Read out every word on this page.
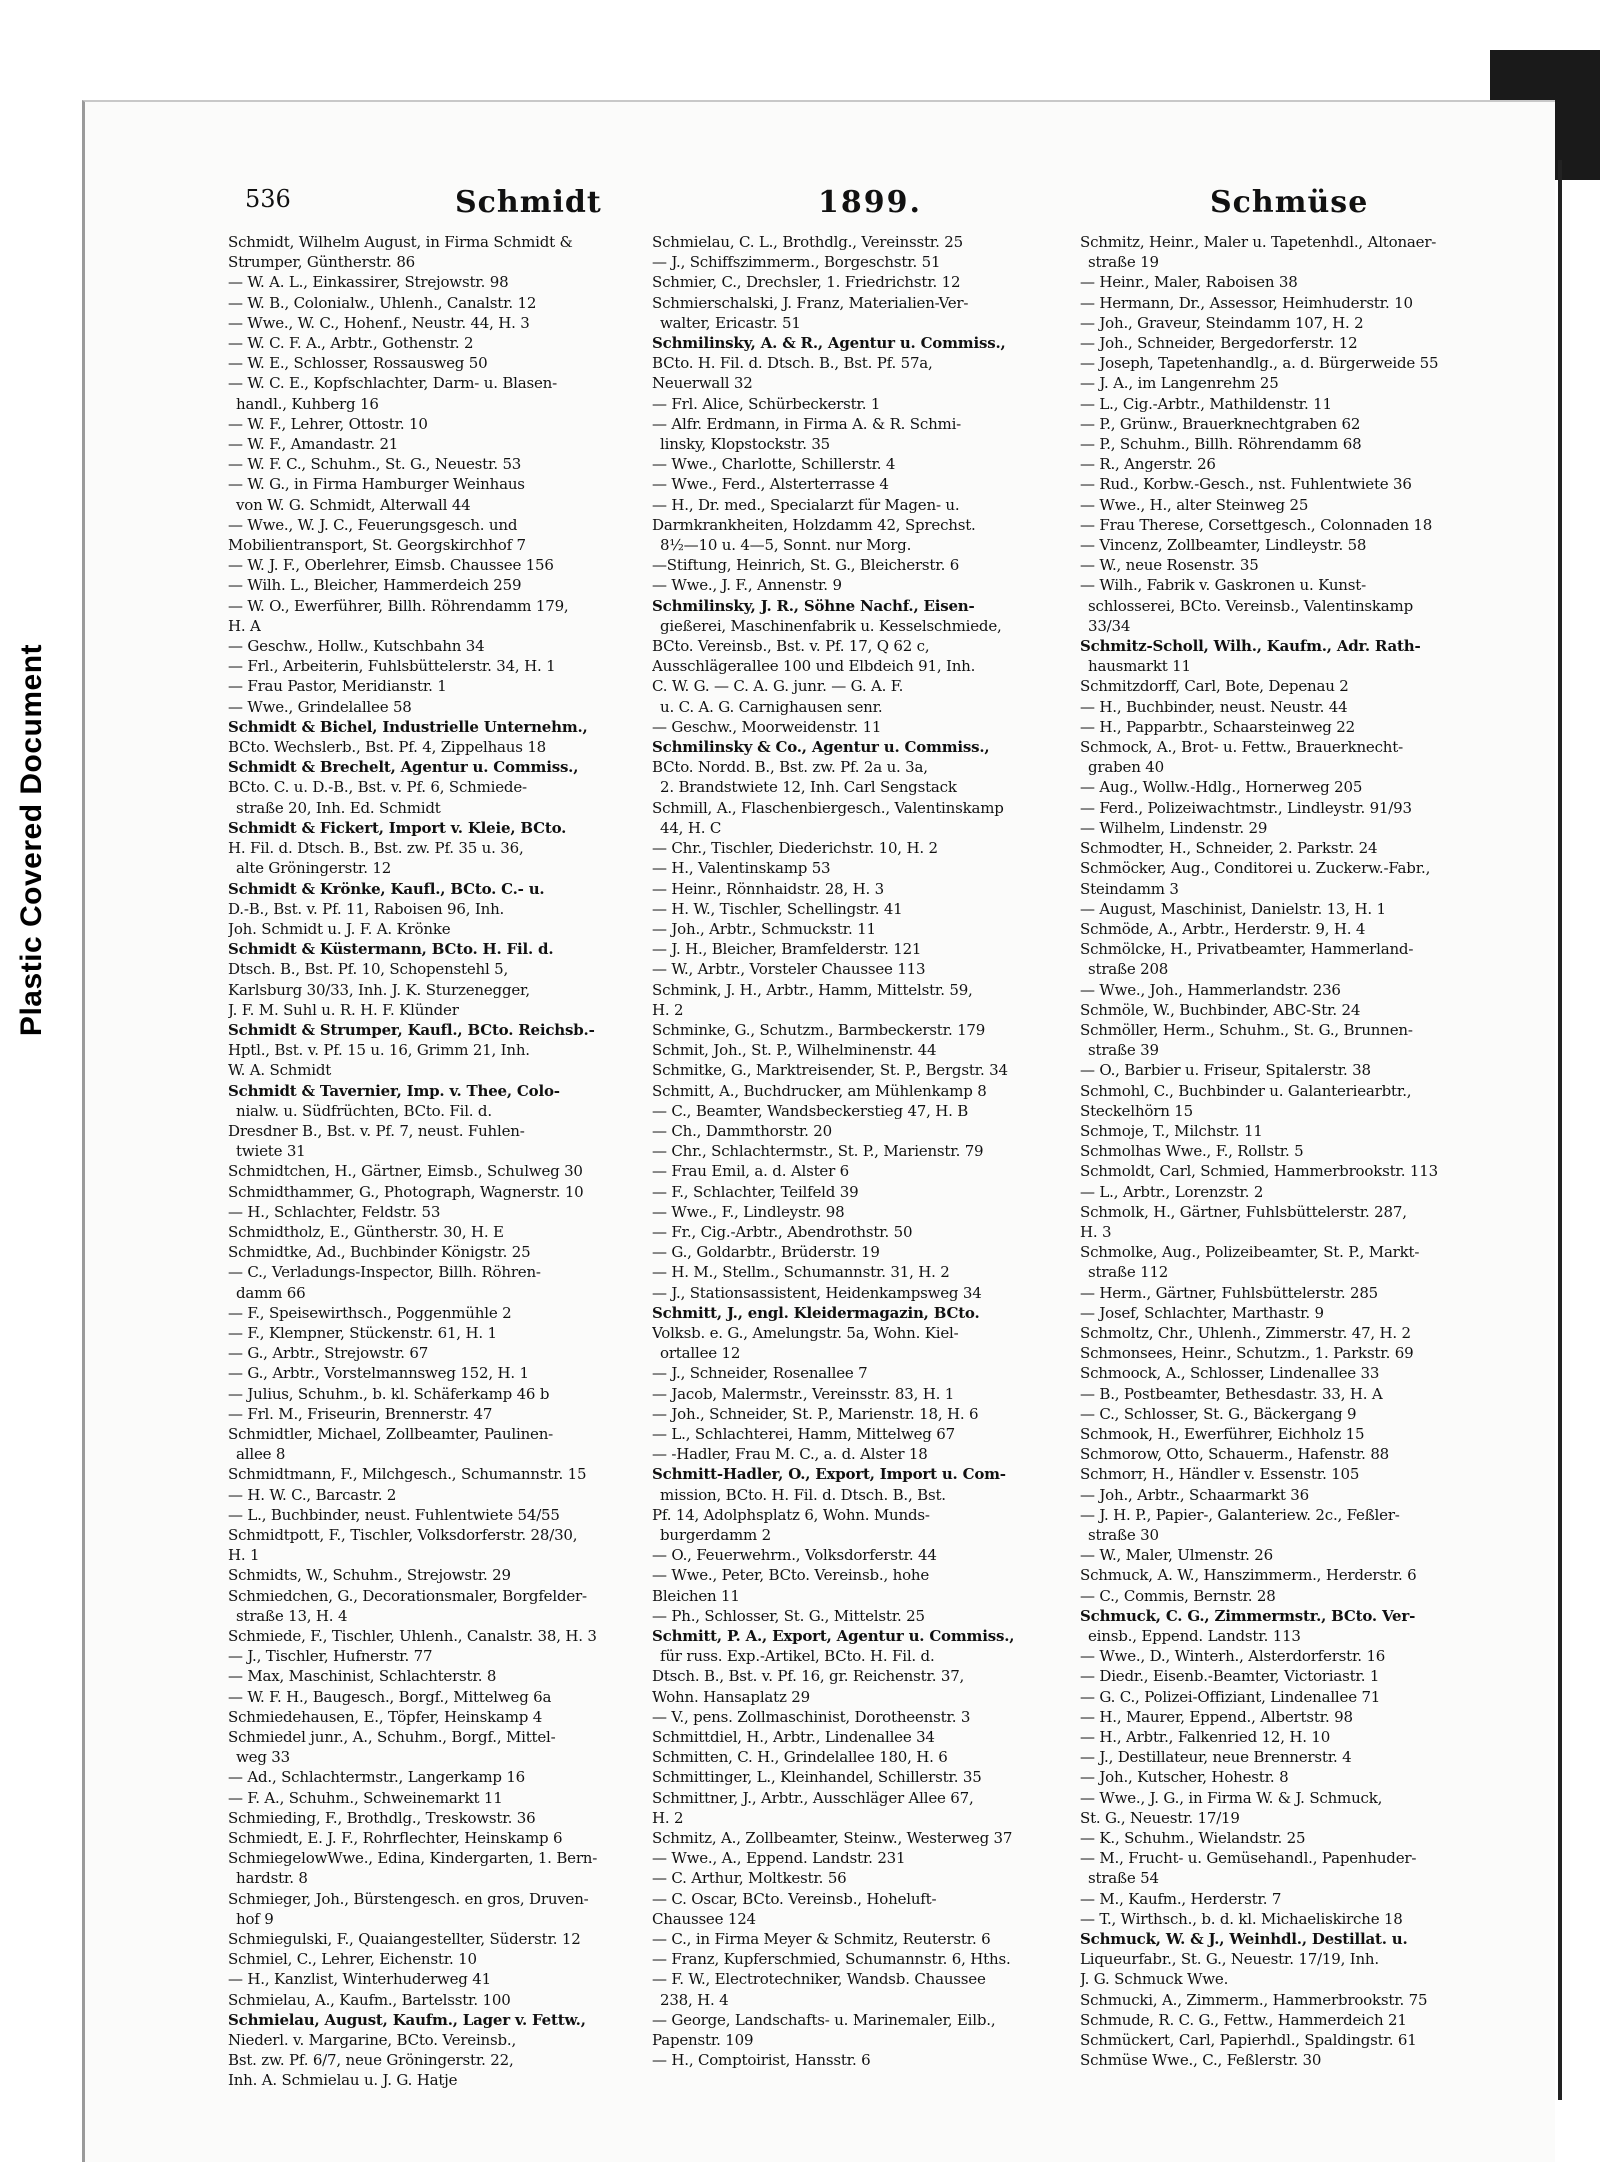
Plastic Covered Document
536	Schmidt	1899.	Schmüse
Schmidt, Wilhelm August, in Firma Schmidt &
Strumper, Güntherstr. 86
— W. A. L., Einkassirer, Strejowstr. 98
— W. B., Colonialw., Uhlenh., Canalstr. 12
— Wwe., W. C., Hohenf., Neustr. 44, H. 3
— W. C. F. A., Arbtr., Gothenstr. 2
— W. E., Schlosser, Rossausweg 50
— W. C. E., Kopfschlachter, Darm- u. Blasen-
handl., Kuhberg 16
— W. F., Lehrer, Ottostr. 10
— W. F., Amandastr. 21
— W. F. C., Schuhm., St. G., Neuestr. 53
— W. G., in Firma Hamburger Weinhaus
von W. G. Schmidt, Alterwall 44
— Wwe., W. J. C., Feuerungsgesch. und
Mobilientransport, St. Georgskirchhof 7
— W. J. F., Oberlehrer, Eimsb. Chaussee 156
— Wilh. L., Bleicher, Hammerdeich 259
— W. O., Ewerführer, Billh. Röhrendamm 179,
H. A
— Geschw., Hollw., Kutschbahn 34
— Frl., Arbeiterin, Fuhlsbüttelerstr. 34, H. 1
— Frau Pastor, Meridianstr. 1
— Wwe., Grindelallee 58
Schmidt & Bichel, Industrielle Unternehm.,
BCto. Wechslerb., Bst. Pf. 4, Zippelhaus 18
Schmidt & Brechelt, Agentur u. Commiss.,
BCto. C. u. D.-B., Bst. v. Pf. 6, Schmiede-
straße 20, Inh. Ed. Schmidt
Schmidt & Fickert, Import v. Kleie, BCto.
H. Fil. d. Dtsch. B., Bst. zw. Pf. 35 u. 36,
alte Gröningerstr. 12
Schmidt & Krönke, Kaufl., BCto. C.- u.
D.-B., Bst. v. Pf. 11, Raboisen 96, Inh.
Joh. Schmidt u. J. F. A. Krönke
Schmidt & Küstermann, BCto. H. Fil. d.
Dtsch. B., Bst. Pf. 10, Schopenstehl 5,
Karlsburg 30/33, Inh. J. K. Sturzenegger,
J. F. M. Suhl u. R. H. F. Klünder
Schmidt & Strumper, Kaufl., BCto. Reichsb.-
Hptl., Bst. v. Pf. 15 u. 16, Grimm 21, Inh.
W. A. Schmidt
Schmidt & Tavernier, Imp. v. Thee, Colo-
nialw. u. Südfrüchten, BCto. Fil. d.
Dresdner B., Bst. v. Pf. 7, neust. Fuhlen-
twiete 31
Schmidtchen, H., Gärtner, Eimsb., Schulweg 30
Schmidthammer, G., Photograph, Wagnerstr. 10
— H., Schlachter, Feldstr. 53
Schmidtholz, E., Güntherstr. 30, H. E
Schmidtke, Ad., Buchbinder Königstr. 25
— C., Verladungs-Inspector, Billh. Röhren-
damm 66
— F., Speisewirthsch., Poggenmühle 2
— F., Klempner, Stückenstr. 61, H. 1
— G., Arbtr., Strejowstr. 67
— G., Arbtr., Vorstelmannsweg 152, H. 1
— Julius, Schuhm., b. kl. Schäferkamp 46 b
— Frl. M., Friseurin, Brennerstr. 47
Schmidtler, Michael, Zollbeamter, Paulinen-
allee 8
Schmidtmann, F., Milchgesch., Schumannstr. 15
— H. W. C., Barcastr. 2
— L., Buchbinder, neust. Fuhlentwiete 54/55
Schmidtpott, F., Tischler, Volksdorferstr. 28/30,
H. 1
Schmidts, W., Schuhm., Strejowstr. 29
Schmiedchen, G., Decorationsmaler, Borgfelder-
straße 13, H. 4
Schmiede, F., Tischler, Uhlenh., Canalstr. 38, H. 3
— J., Tischler, Hufnerstr. 77
— Max, Maschinist, Schlachterstr. 8
— W. F. H., Baugesch., Borgf., Mittelweg 6a
Schmiedehausen, E., Töpfer, Heinskamp 4
Schmiedel junr., A., Schuhm., Borgf., Mittel-
weg 33
— Ad., Schlachtermstr., Langerkamp 16
— F. A., Schuhm., Schweinemarkt 11
Schmieding, F., Brothdlg., Treskowstr. 36
Schmiedt, E. J. F., Rohrflechter, Heinskamp 6
SchmiegelowWwe., Edina, Kindergarten, 1. Bern-
hardstr. 8
Schmieger, Joh., Bürstengesch. en gros, Druven-
hof 9
Schmiegulski, F., Quaiangestellter, Süderstr. 12
Schmiel, C., Lehrer, Eichenstr. 10
— H., Kanzlist, Winterhuderweg 41
Schmielau, A., Kaufm., Bartelsstr. 100
Schmielau, August, Kaufm., Lager v. Fettw.,
Niederl. v. Margarine, BCto. Vereinsb.,
Bst. zw. Pf. 6/7, neue Gröningerstr. 22,
Inh. A. Schmielau u. J. G. Hatje
Schmielau, C. L., Brothdlg., Vereinsstr. 25
— J., Schiffszimmerm., Borgeschstr. 51
Schmier, C., Drechsler, 1. Friedrichstr. 12
Schmierschalski, J. Franz, Materialien-Ver-
walter, Ericastr. 51
Schmilinsky, A. & R., Agentur u. Commiss.,
BCto. H. Fil. d. Dtsch. B., Bst. Pf. 57a,
Neuerwall 32
— Frl. Alice, Schürbeckerstr. 1
— Alfr. Erdmann, in Firma A. & R. Schmi-
linsky, Klopstockstr. 35
— Wwe., Charlotte, Schillerstr. 4
— Wwe., Ferd., Alsterterrasse 4
— H., Dr. med., Specialarzt für Magen- u.
Darmkrankheiten, Holzdamm 42, Sprechst.
8½—10 u. 4—5, Sonnt. nur Morg.
—Stiftung, Heinrich, St. G., Bleicherstr. 6
— Wwe., J. F., Annenstr. 9
Schmilinsky, J. R., Söhne Nachf., Eisen-
gießerei, Maschinenfabrik u. Kesselschmiede,
BCto. Vereinsb., Bst. v. Pf. 17, Q 62 c,
Ausschlägerallee 100 und Elbdeich 91, Inh.
C. W. G. — C. A. G. junr. — G. A. F.
u. C. A. G. Carnighausen senr.
— Geschw., Moorweidenstr. 11
Schmilinsky & Co., Agentur u. Commiss.,
BCto. Nordd. B., Bst. zw. Pf. 2a u. 3a,
2. Brandstwiete 12, Inh. Carl Sengstack
Schmill, A., Flaschenbiergesch., Valentinskamp
44, H. C
— Chr., Tischler, Diederichstr. 10, H. 2
— H., Valentinskamp 53
— Heinr., Rönnhaidstr. 28, H. 3
— H. W., Tischler, Schellingstr. 41
— Joh., Arbtr., Schmuckstr. 11
— J. H., Bleicher, Bramfelderstr. 121
— W., Arbtr., Vorsteler Chaussee 113
Schmink, J. H., Arbtr., Hamm, Mittelstr. 59,
H. 2
Schminke, G., Schutzm., Barmbeckerstr. 179
Schmit, Joh., St. P., Wilhelminenstr. 44
Schmitke, G., Marktreisender, St. P., Bergstr. 34
Schmitt, A., Buchdrucker, am Mühlenkamp 8
— C., Beamter, Wandsbeckerstieg 47, H. B
— Ch., Dammthorstr. 20
— Chr., Schlachtermstr., St. P., Marienstr. 79
— Frau Emil, a. d. Alster 6
— F., Schlachter, Teilfeld 39
— Wwe., F., Lindleystr. 98
— Fr., Cig.-Arbtr., Abendrothstr. 50
— G., Goldarbtr., Brüderstr. 19
— H. M., Stellm., Schumannstr. 31, H. 2
— J., Stationsassistent, Heidenkampsweg 34
Schmitt, J., engl. Kleidermagazin, BCto.
Volksb. e. G., Amelungstr. 5a, Wohn. Kiel-
ortallee 12
— J., Schneider, Rosenallee 7
— Jacob, Malermstr., Vereinsstr. 83, H. 1
— Joh., Schneider, St. P., Marienstr. 18, H. 6
— L., Schlachterei, Hamm, Mittelweg 67
— -Hadler, Frau M. C., a. d. Alster 18
Schmitt-Hadler, O., Export, Import u. Com-
mission, BCto. H. Fil. d. Dtsch. B., Bst.
Pf. 14, Adolphsplatz 6, Wohn. Munds-
burgerdamm 2
— O., Feuerwehrm., Volksdorferstr. 44
— Wwe., Peter, BCto. Vereinsb., hohe
Bleichen 11
— Ph., Schlosser, St. G., Mittelstr. 25
Schmitt, P. A., Export, Agentur u. Commiss.,
für russ. Exp.-Artikel, BCto. H. Fil. d.
Dtsch. B., Bst. v. Pf. 16, gr. Reichenstr. 37,
Wohn. Hansaplatz 29
— V., pens. Zollmaschinist, Dorotheenstr. 3
Schmittdiel, H., Arbtr., Lindenallee 34
Schmitten, C. H., Grindelallee 180, H. 6
Schmittinger, L., Kleinhandel, Schillerstr. 35
Schmittner, J., Arbtr., Ausschläger Allee 67,
H. 2
Schmitz, A., Zollbeamter, Steinw., Westerweg 37
— Wwe., A., Eppend. Landstr. 231
— C. Arthur, Moltkestr. 56
— C. Oscar, BCto. Vereinsb., Hoheluft-
Chaussee 124
— C., in Firma Meyer & Schmitz, Reuterstr. 6
— Franz, Kupferschmied, Schumannstr. 6, Hths.
— F. W., Electrotechniker, Wandsb. Chaussee
238, H. 4
— George, Landschafts- u. Marinemaler, Eilb.,
Papenstr. 109
— H., Comptoirist, Hansstr. 6
Schmitz, Heinr., Maler u. Tapetenhdl., Altonaer-
straße 19
— Heinr., Maler, Raboisen 38
— Hermann, Dr., Assessor, Heimhuderstr. 10
— Joh., Graveur, Steindamm 107, H. 2
— Joh., Schneider, Bergedorferstr. 12
— Joseph, Tapetenhandlg., a. d. Bürgerweide 55
— J. A., im Langenrehm 25
— L., Cig.-Arbtr., Mathildenstr. 11
— P., Grünw., Brauerknechtgraben 62
— P., Schuhm., Billh. Röhrendamm 68
— R., Angerstr. 26
— Rud., Korbw.-Gesch., nst. Fuhlentwiete 36
— Wwe., H., alter Steinweg 25
— Frau Therese, Corsettgesch., Colonnaden 18
— Vincenz, Zollbeamter, Lindleystr. 58
— W., neue Rosenstr. 35
— Wilh., Fabrik v. Gaskronen u. Kunst-
schlosserei, BCto. Vereinsb., Valentinskamp
33/34
Schmitz-Scholl, Wilh., Kaufm., Adr. Rath-
hausmarkt 11
Schmitzdorff, Carl, Bote, Depenau 2
— H., Buchbinder, neust. Neustr. 44
— H., Papparbtr., Schaarsteinweg 22
Schmock, A., Brot- u. Fettw., Brauerknecht-
graben 40
— Aug., Wollw.-Hdlg., Hornerweg 205
— Ferd., Polizeiwachtmstr., Lindleystr. 91/93
— Wilhelm, Lindenstr. 29
Schmodter, H., Schneider, 2. Parkstr. 24
Schmöcker, Aug., Conditorei u. Zuckerw.-Fabr.,
Steindamm 3
— August, Maschinist, Danielstr. 13, H. 1
Schmöde, A., Arbtr., Herderstr. 9, H. 4
Schmölcke, H., Privatbeamter, Hammerland-
straße 208
— Wwe., Joh., Hammerlandstr. 236
Schmöle, W., Buchbinder, ABC-Str. 24
Schmöller, Herm., Schuhm., St. G., Brunnen-
straße 39
— O., Barbier u. Friseur, Spitalerstr. 38
Schmohl, C., Buchbinder u. Galanteriearbtr.,
Steckelhörn 15
Schmoje, T., Milchstr. 11
Schmolhas Wwe., F., Rollstr. 5
Schmoldt, Carl, Schmied, Hammerbrookstr. 113
— L., Arbtr., Lorenzstr. 2
Schmolk, H., Gärtner, Fuhlsbüttelerstr. 287,
H. 3
Schmolke, Aug., Polizeibeamter, St. P., Markt-
straße 112
— Herm., Gärtner, Fuhlsbüttelerstr. 285
— Josef, Schlachter, Marthastr. 9
Schmoltz, Chr., Uhlenh., Zimmerstr. 47, H. 2
Schmonsees, Heinr., Schutzm., 1. Parkstr. 69
Schmoock, A., Schlosser, Lindenallee 33
— B., Postbeamter, Bethesdastr. 33, H. A
— C., Schlosser, St. G., Bäckergang 9
Schmook, H., Ewerführer, Eichholz 15
Schmorow, Otto, Schauerm., Hafenstr. 88
Schmorr, H., Händler v. Essenstr. 105
— Joh., Arbtr., Schaarmarkt 36
— J. H. P., Papier-, Galanteriew. 2c., Feßler-
straße 30
— W., Maler, Ulmenstr. 26
Schmuck, A. W., Hanszimmerm., Herderstr. 6
— C., Commis, Bernstr. 28
Schmuck, C. G., Zimmermstr., BCto. Ver-
einsb., Eppend. Landstr. 113
— Wwe., D., Winterh., Alsterdorferstr. 16
— Diedr., Eisenb.-Beamter, Victoriastr. 1
— G. C., Polizei-Offiziant, Lindenallee 71
— H., Maurer, Eppend., Albertstr. 98
— H., Arbtr., Falkenried 12, H. 10
— J., Destillateur, neue Brennerstr. 4
— Joh., Kutscher, Hohestr. 8
— Wwe., J. G., in Firma W. & J. Schmuck,
St. G., Neuestr. 17/19
— K., Schuhm., Wielandstr. 25
— M., Frucht- u. Gemüsehandl., Papenhuder-
straße 54
— M., Kaufm., Herderstr. 7
— T., Wirthsch., b. d. kl. Michaeliskirche 18
Schmuck, W. & J., Weinhdl., Destillat. u.
Liqueurfabr., St. G., Neuestr. 17/19, Inh.
J. G. Schmuck Wwe.
Schmucki, A., Zimmerm., Hammerbrookstr. 75
Schmude, R. C. G., Fettw., Hammerdeich 21
Schmückert, Carl, Papierhdl., Spaldingstr. 61
Schmüse Wwe., C., Feßlerstr. 30
